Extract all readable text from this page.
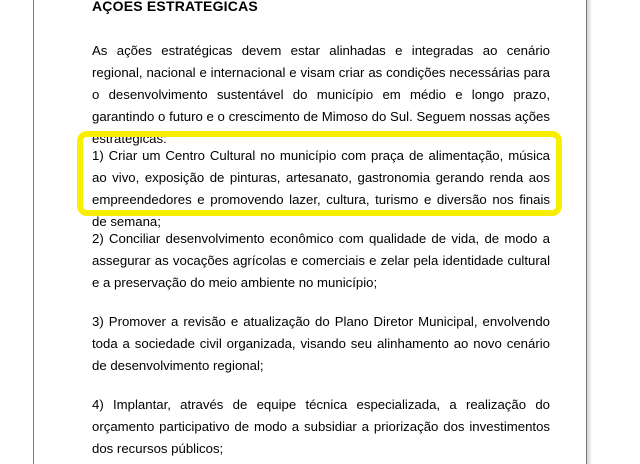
AÇOES ESTRATEGICAS

As ações estratégicas devem estar alinhadas e integradas ao cenário regional, nacional e internacional e visam criar as condições necessárias para o desenvolvimento sustentável do município em médio e longo prazo, garantindo o futuro e o crescimento de Mimoso do Sul. Seguem nossas ações estratégicas:

1) Criar um Centro Cultural no município com praça de alimentação, música ao vivo, exposição de pinturas, artesanato, gastronomia gerando renda aos empreendedores e promovendo lazer, cultura, turismo e diversão nos finais de semana;

2) Conciliar desenvolvimento econômico com qualidade de vida, de modo a assegurar as vocações agrícolas e comerciais e zelar pela identidade cultural e a preservação do meio ambiente no município;

3) Promover a revisão e atualização do Plano Diretor Municipal, envolvendo toda a sociedade civil organizada, visando seu alinhamento ao novo cenário de desenvolvimento regional;

4) Implantar, através de equipe técnica especializada, a realização do orçamento participativo de modo a subsidiar a priorização dos investimentos dos recursos públicos;
